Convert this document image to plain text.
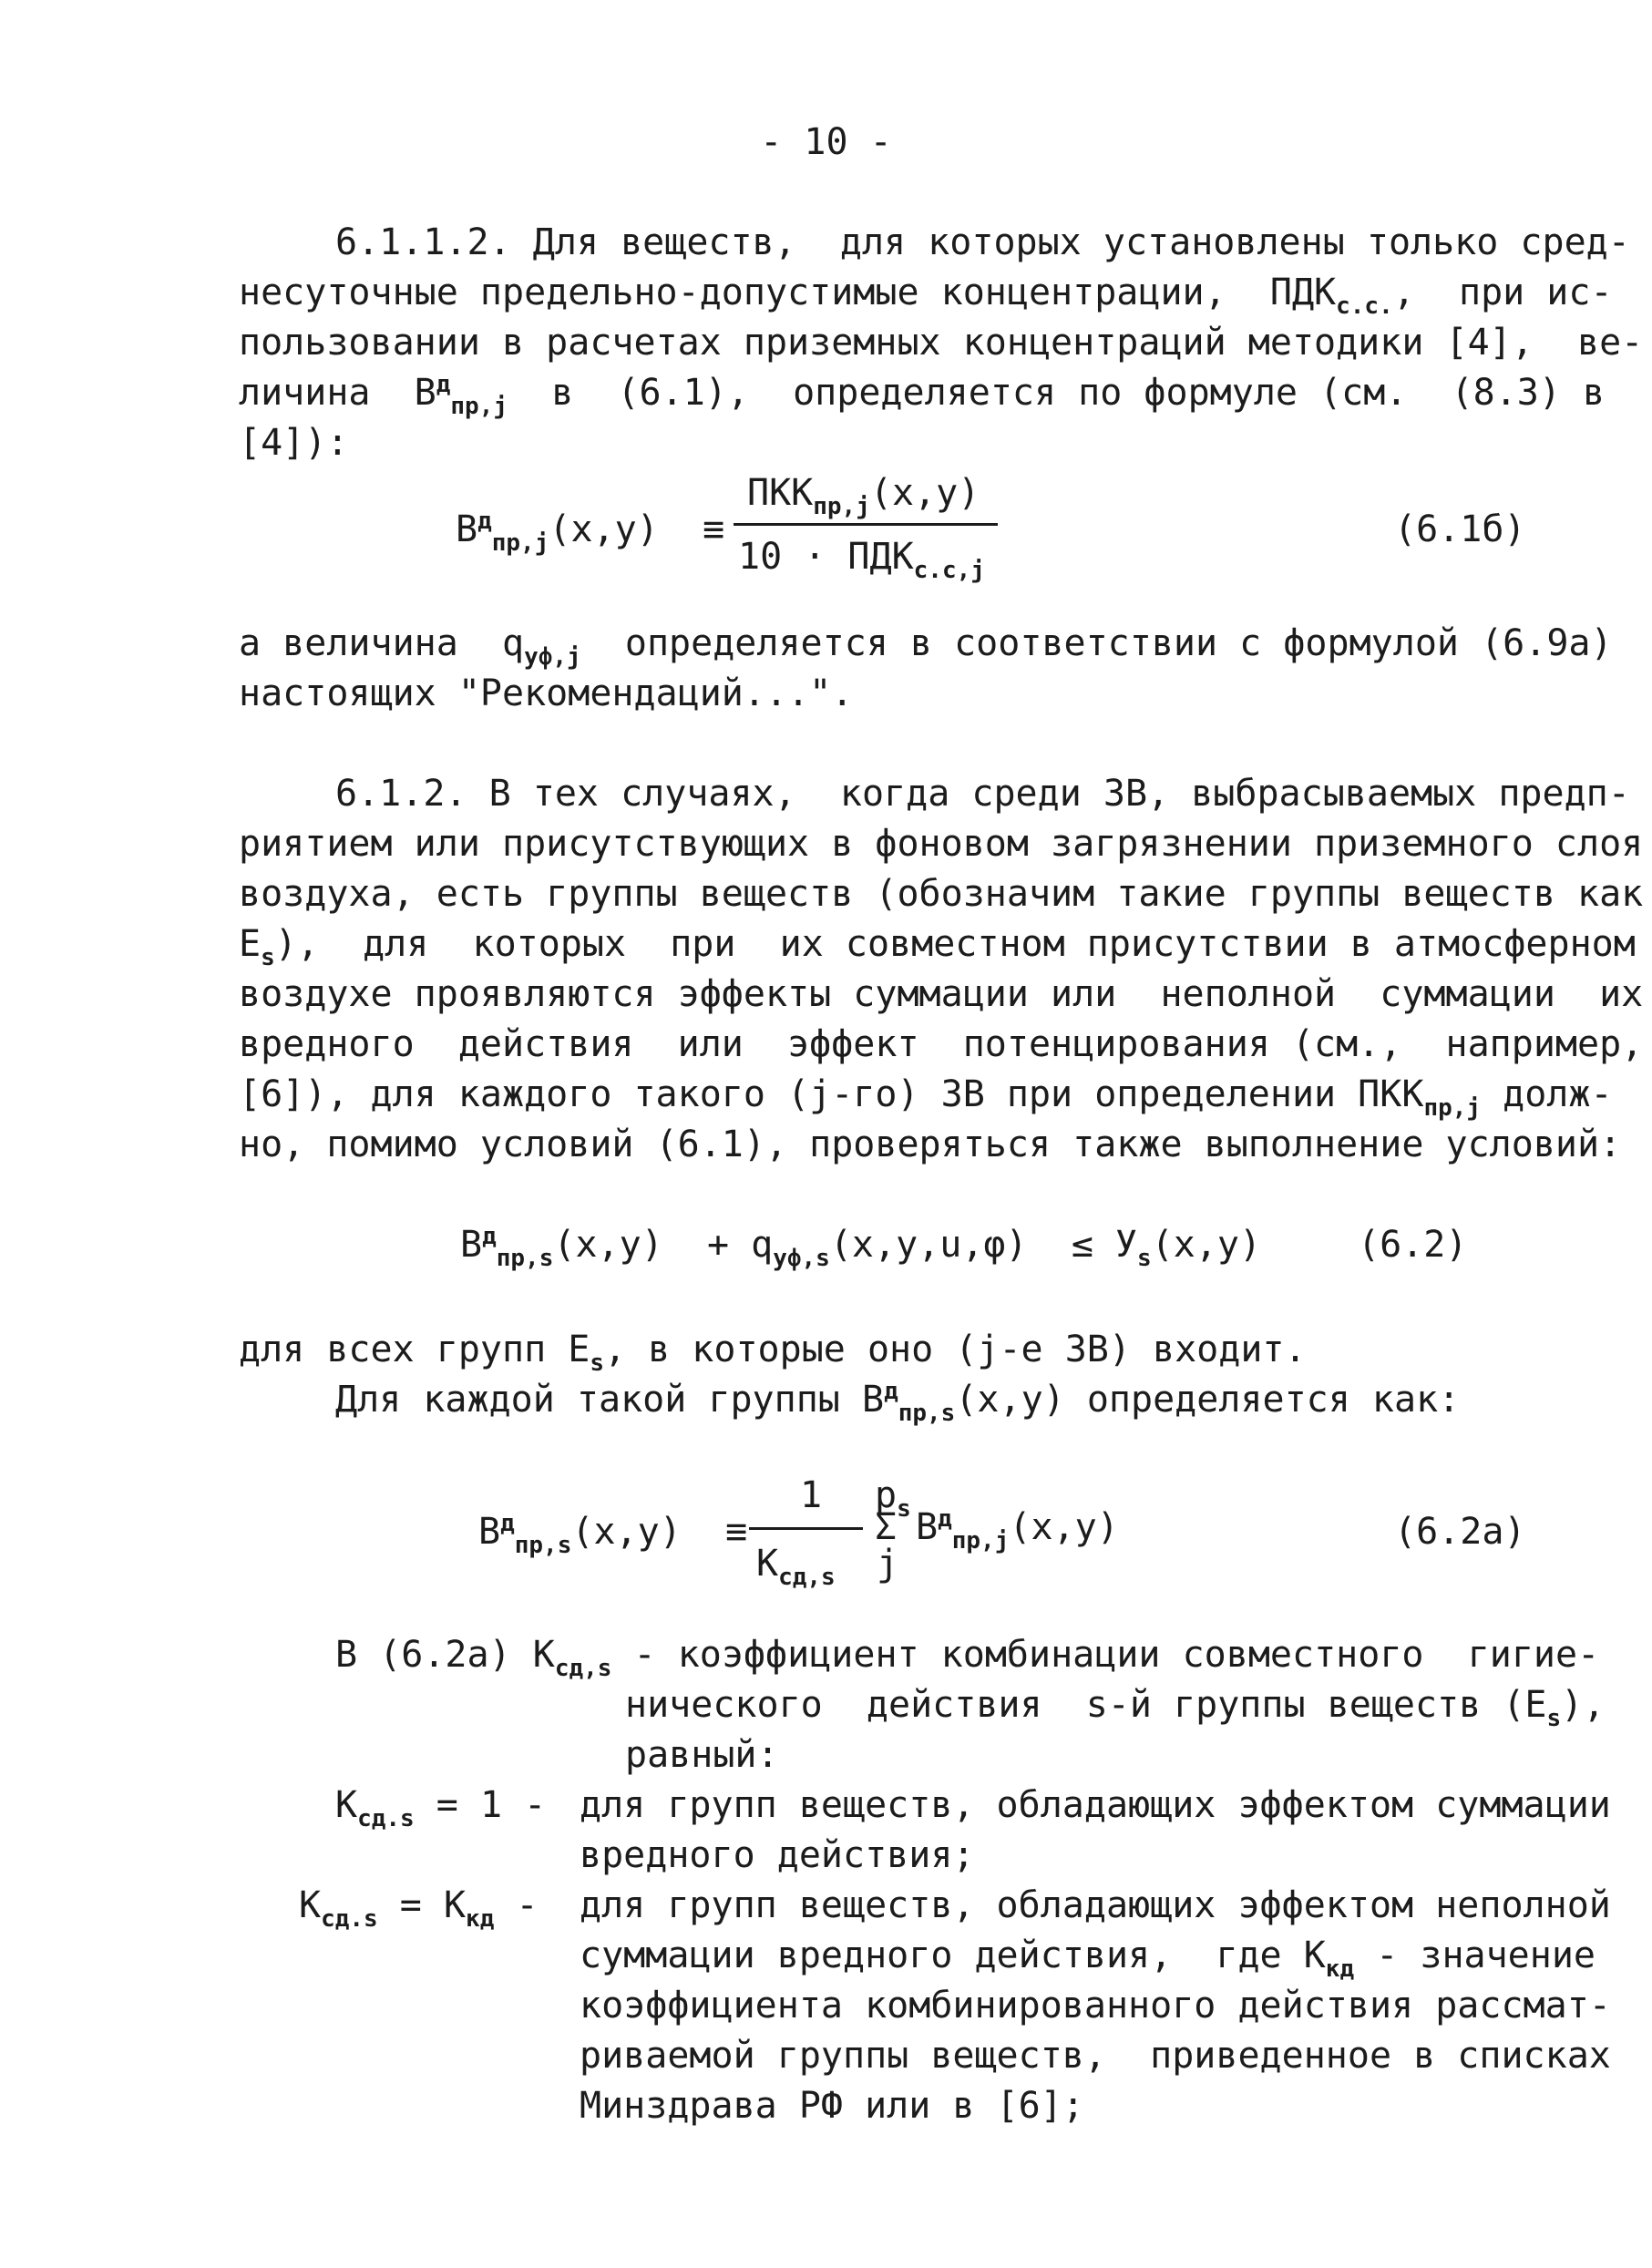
- 10 -
6.1.1.2. Для веществ,  для которых установлены только сред-
несуточные предельно-допустимые концентрации,  $ПДК_{с.с.}$,  при ис-
пользовании в расчетах приземных концентраций методики [4],  ве-
личина  $В^д_{пр,j}$  в  (6.1),  определяется по формуле (см.  (8.3) в
[4]):
$В^д_{пр,j}(x,y)$  ≡
$ПКК_{пр,j}(x,y)$
$10 \cdot ПДК_{с.с,j}$
(6.1б)
а величина  $q_{уф,j}$  определяется в соответствии с формулой (6.9а)
настоящих "Рекомендаций...".
6.1.2. В тех случаях,  когда среди ЗВ, выбрасываемых предп-
риятием или присутствующих в фоновом загрязнении приземного слоя
воздуха, есть группы веществ (обозначим такие группы веществ как
$E_s$),  для  которых  при  их совместном присутствии в атмосферном
воздухе проявляются эффекты суммации или  неполной  суммации  их
вредного  действия  или  эффект  потенцирования (см.,  например,
[6]), для каждого такого (j-го) ЗВ при определении $ПКК_{пр,j}$ долж-
но, помимо условий (6.1), проверяться также выполнение условий:
$В^д_{пр,s}(x,y) + q_{уф,s}(x,y,u,\varphi) \le У_s(x,y)$	(6.2)
для всех групп $E_s$, в которые оно (j-е ЗВ) входит.
Для каждой такой группы $В^д_{пр,s}(x,y)$ определяется как:
$В^д_{пр,s}(x,y)$  ≡
1
$K_{сд,s}$
$p_s$
Σ
j
$В^д_{пр,j}(x,y)$	(6.2а)
В (6.2а) $K_{сд,s}$ - коэффициент комбинации совместного  гигие-
нического  действия  s-й группы веществ $(E_s)$,
равный:
$K_{сд.s} = 1$ - для групп веществ, обладающих эффектом суммации
вредного действия;
$K_{сд.s} = K_{кд}$ - для групп веществ, обладающих эффектом неполной
суммации вредного действия,  где $K_{кд}$ - значение
коэффициента комбинированного действия рассмат-
риваемой группы веществ,  приведенное в списках
Минздрава РФ или в [6];
